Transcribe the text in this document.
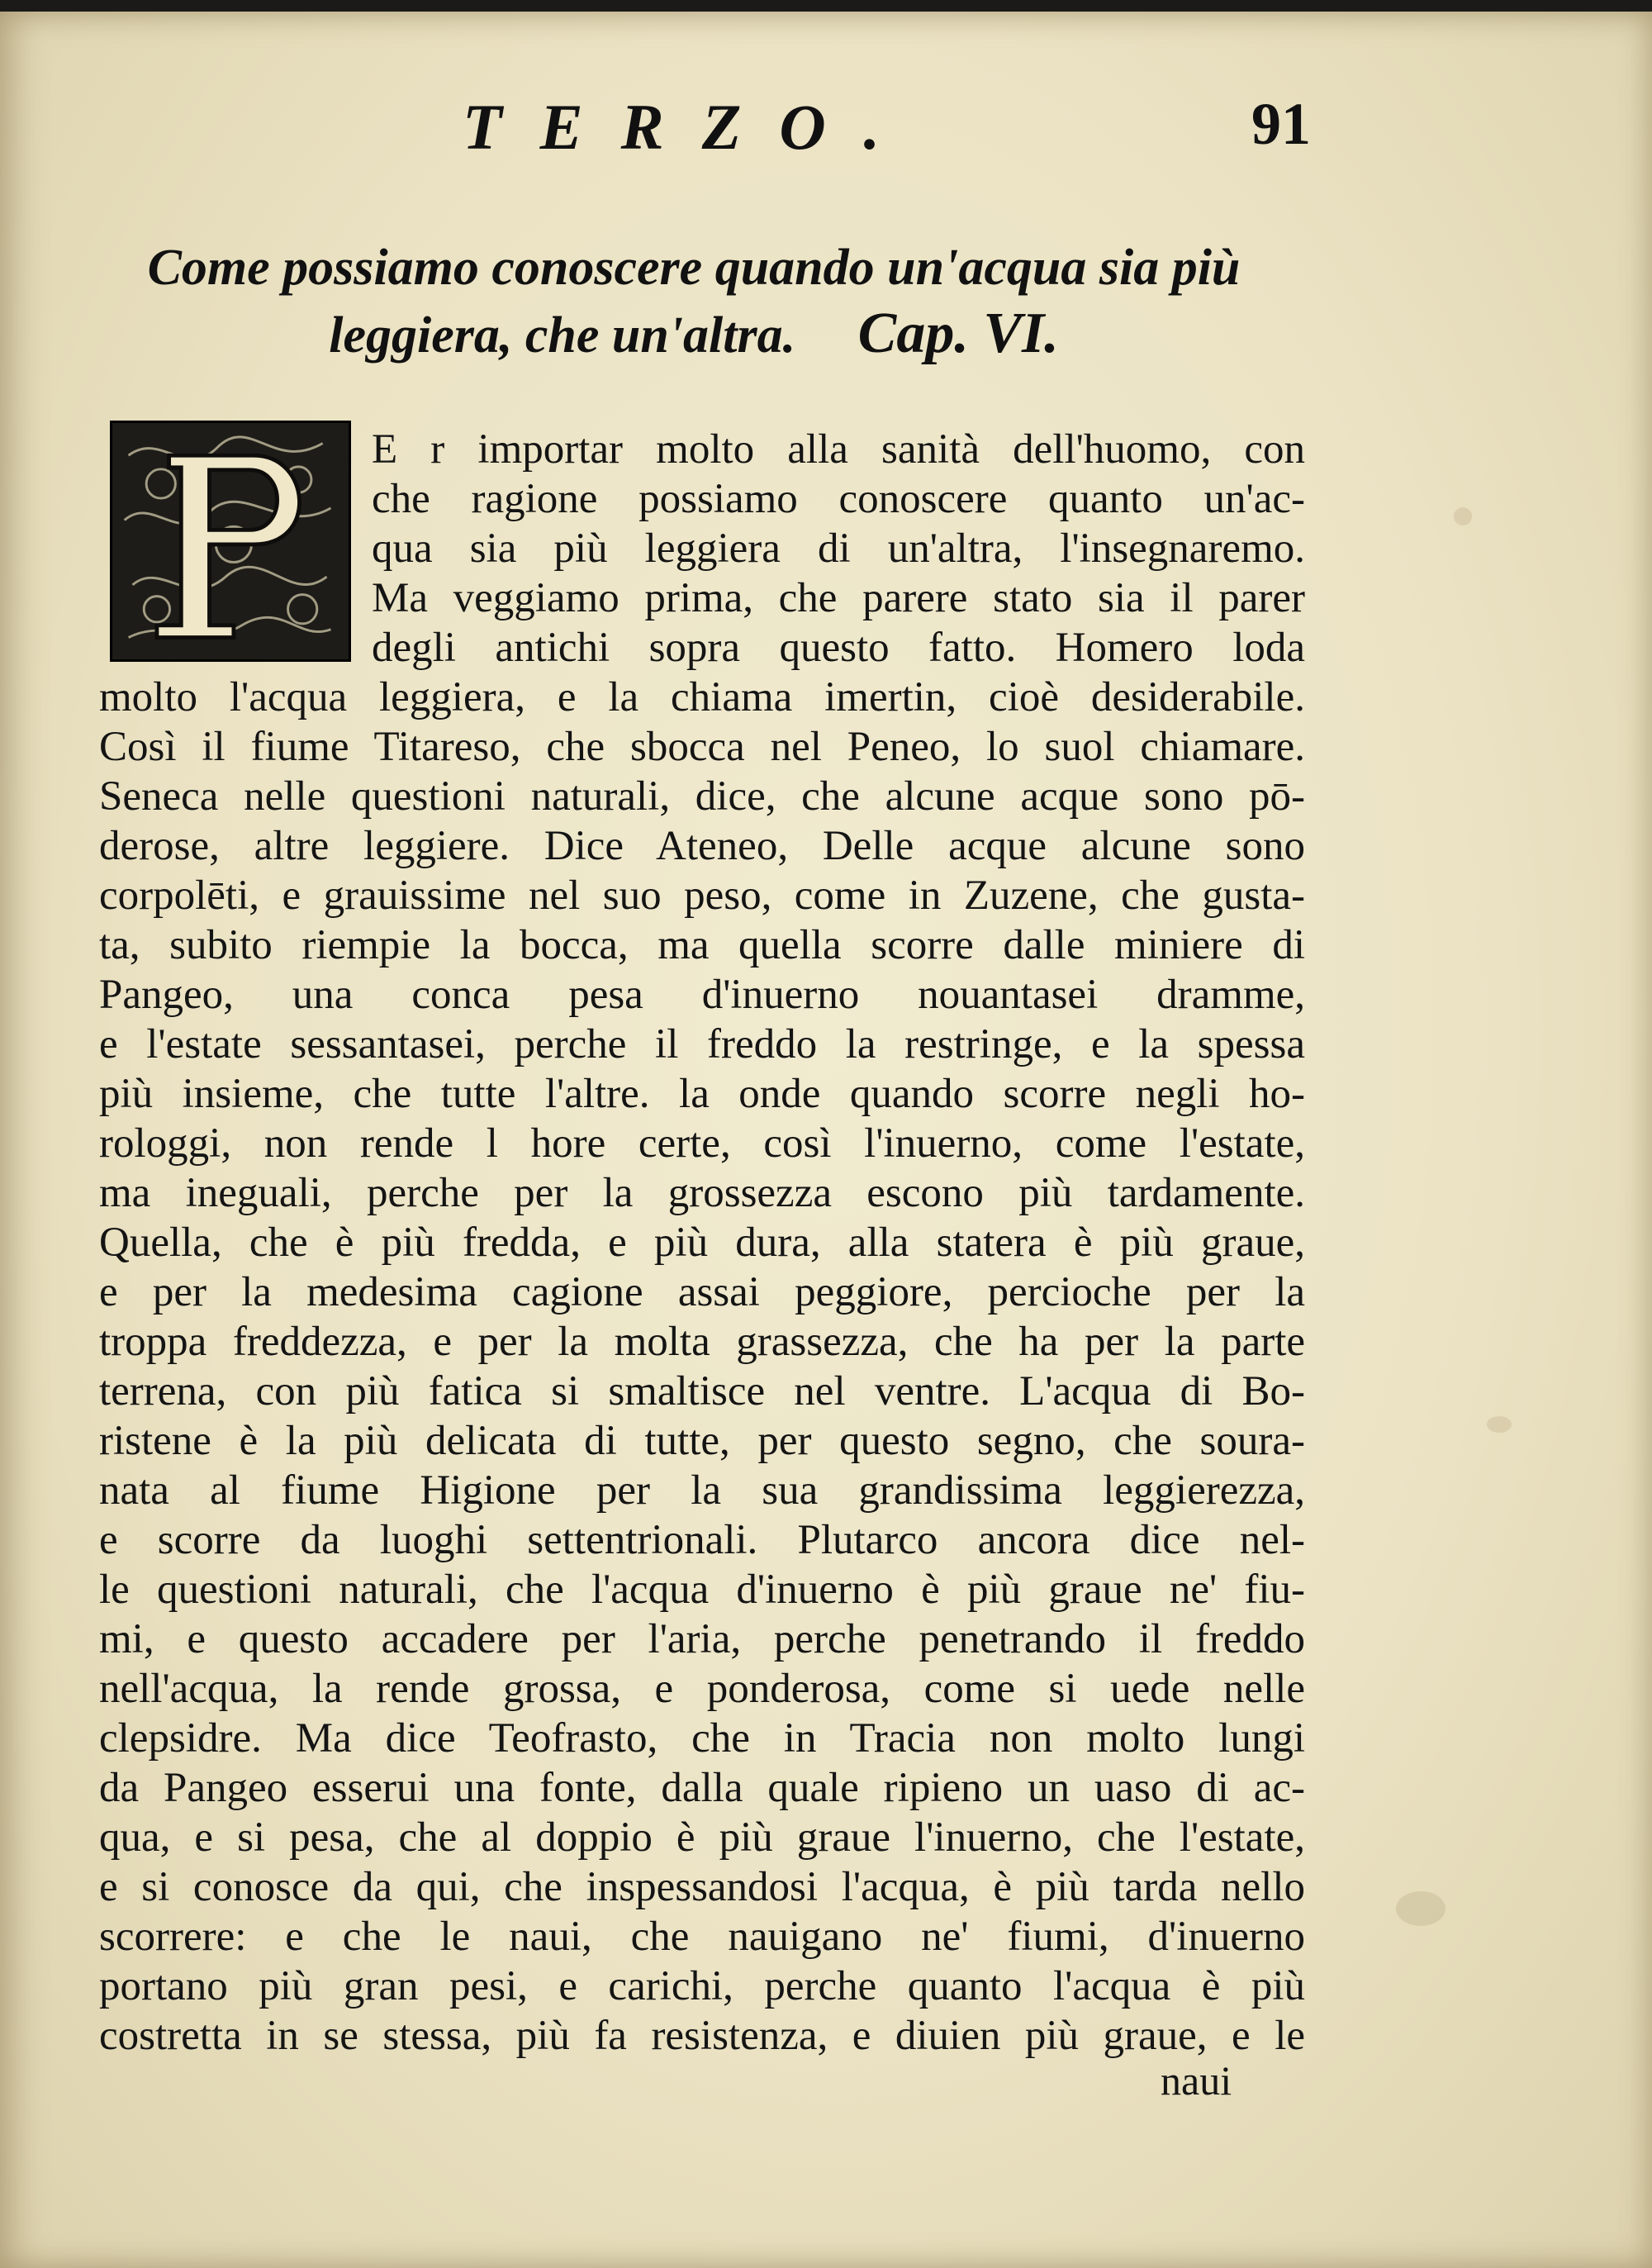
TERZO.	91
Come possiamo conoscere quando un'acqua sia più leggiera, che un'altra. Cap. VI.
E r importar molto alla sanità dell'huomo, con
che ragione possiamo conoscere quanto un'ac-
qua sia più leggiera di un'altra, l'insegnaremo.
Ma veggiamo prima, che parere stato sia il parer
degli antichi sopra questo fatto. Homero loda
molto l'acqua leggiera, e la chiama imertin, cioè desiderabile.
Così il fiume Titareso, che sbocca nel Peneo, lo suol chiamare.
Seneca nelle questioni naturali, dice, che alcune acque sono pō-
derose, altre leggiere. Dice Ateneo, Delle acque alcune sono
corpolēti, e grauissime nel suo peso, come in Zuzene, che gusta-
ta, subito riempie la bocca, ma quella scorre dalle miniere di
Pangeo, una conca pesa d'inuerno nouantasei dramme,
e l'estate sessantasei, perche il freddo la restringe, e la spessa
più insieme, che tutte l'altre. la onde quando scorre negli ho-
rologgi, non rende l hore certe, così l'inuerno, come l'estate,
ma ineguali, perche per la grossezza escono più tardamente.
Quella, che è più fredda, e più dura, alla statera è più graue,
e per la medesima cagione assai peggiore, percioche per la
troppa freddezza, e per la molta grassezza, che ha per la parte
terrena, con più fatica si smaltisce nel ventre. L'acqua di Bo-
ristene è la più delicata di tutte, per questo segno, che soura-
nata al fiume Higione per la sua grandissima leggierezza,
e scorre da luoghi settentrionali. Plutarco ancora dice nel-
le questioni naturali, che l'acqua d'inuerno è più graue ne' fiu-
mi, e questo accadere per l'aria, perche penetrando il freddo
nell'acqua, la rende grossa, e ponderosa, come si uede nelle
clepsidre. Ma dice Teofrasto, che in Tracia non molto lungi
da Pangeo esserui una fonte, dalla quale ripieno un uaso di ac-
qua, e si pesa, che al doppio è più graue l'inuerno, che l'estate,
e si conosce da qui, che inspessandosi l'acqua, è più tarda nello
scorrere: e che le naui, che nauigano ne' fiumi, d'inuerno
portano più gran pesi, e carichi, perche quanto l'acqua è più
costretta in se stessa, più fa resistenza, e diuien più graue, e le
naui
